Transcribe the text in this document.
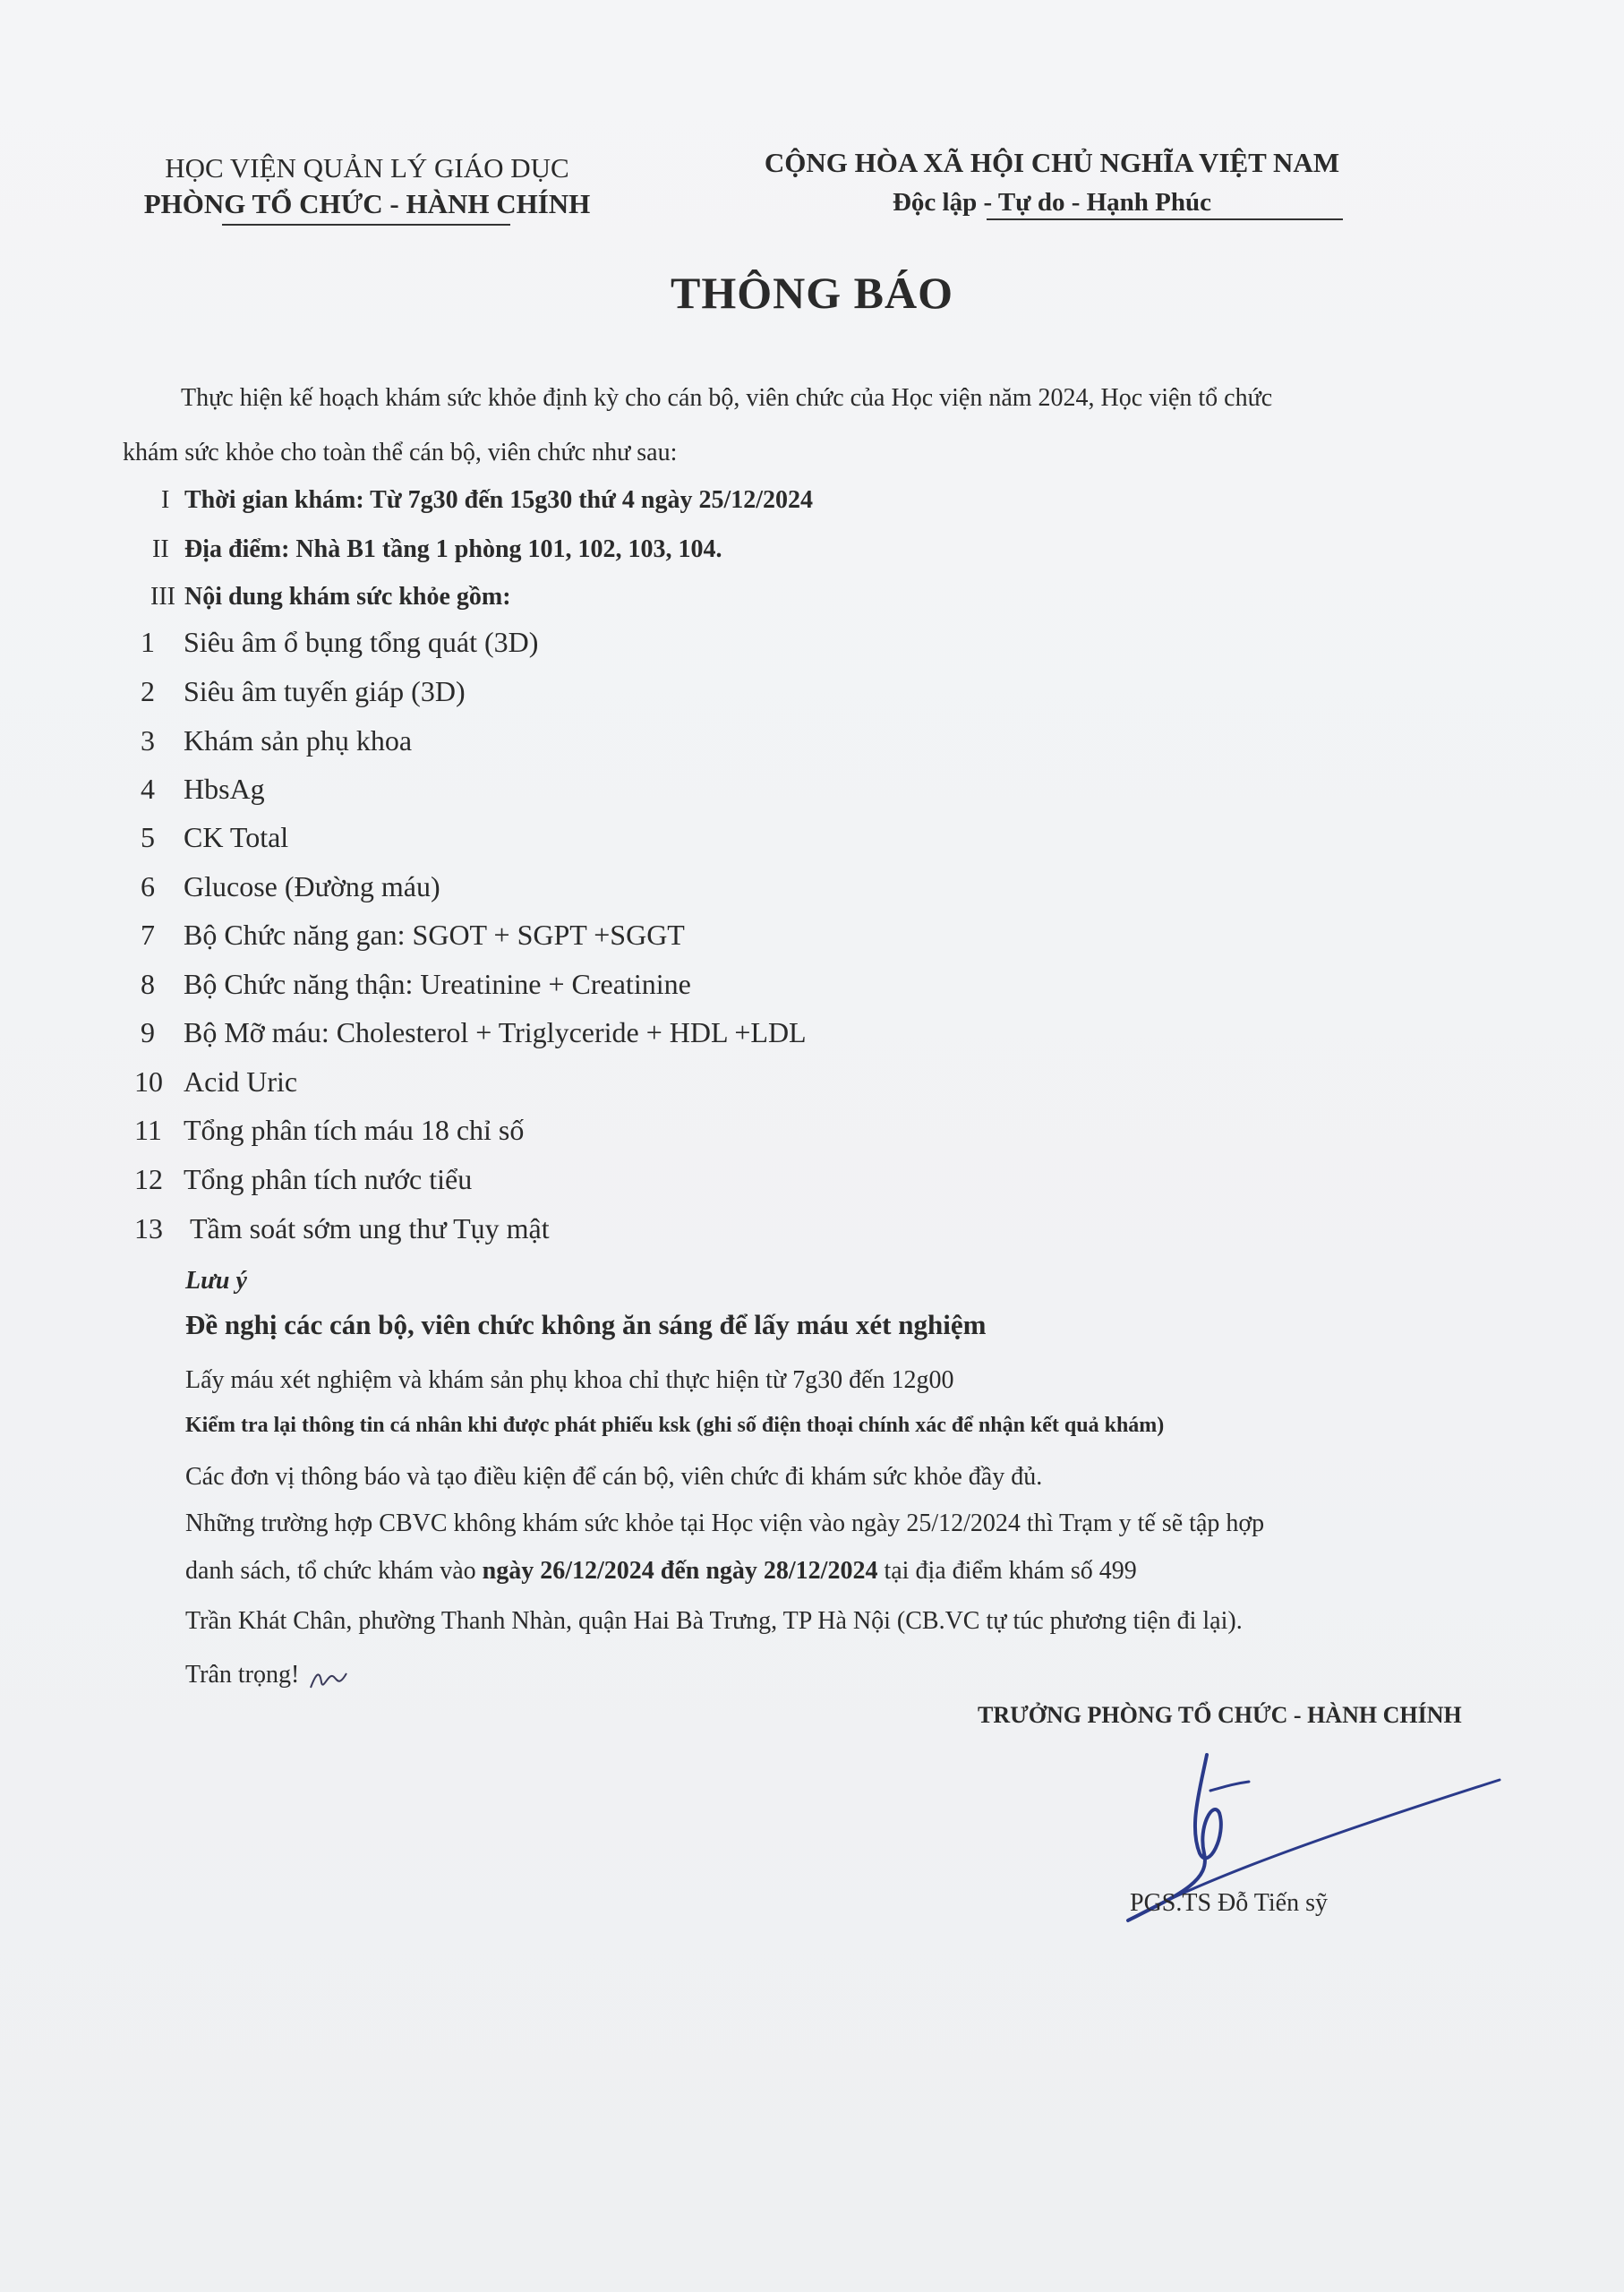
HỌC VIỆN QUẢN LÝ GIÁO DỤC
PHÒNG TỔ CHỨC - HÀNH CHÍNH
CỘNG HÒA XÃ HỘI CHỦ NGHĨA VIỆT NAM
Độc lập - Tự do - Hạnh Phúc
THÔNG BÁO
Thực hiện kế hoạch khám sức khỏe định kỳ cho cán bộ, viên chức của Học viện năm 2024, Học viện tổ chức
khám sức khỏe cho toàn thể cán bộ, viên chức như sau:
I Thời gian khám: Từ 7g30 đến 15g30 thứ 4 ngày 25/12/2024
II Địa điểm: Nhà B1 tầng 1 phòng 101, 102, 103, 104.
III Nội dung khám sức khỏe gồm:
1 Siêu âm ổ bụng tổng quát (3D)
2 Siêu âm tuyến giáp (3D)
3 Khám sản phụ khoa
4 HbsAg
5 CK Total
6 Glucose (Đường máu)
7 Bộ Chức năng gan: SGOT + SGPT +SGGT
8 Bộ Chức năng thận: Ureatinine + Creatinine
9 Bộ Mỡ máu: Cholesterol + Triglyceride + HDL +LDL
10 Acid Uric
11 Tổng phân tích máu 18 chỉ số
12 Tổng phân tích nước tiểu
13 Tầm soát sớm ung thư Tụy mật
Lưu ý
Đề nghị các cán bộ, viên chức không ăn sáng để lấy máu xét nghiệm
Lấy máu xét nghiệm và khám sản phụ khoa chỉ thực hiện từ 7g30 đến 12g00
Kiểm tra lại thông tin cá nhân khi được phát phiếu ksk (ghi số điện thoại chính xác để nhận kết quả khám)
Các đơn vị thông báo và tạo điều kiện để cán bộ, viên chức đi khám sức khỏe đầy đủ.
Những trường hợp CBVC không khám sức khỏe tại Học viện vào ngày 25/12/2024 thì Trạm y tế sẽ tập hợp
danh sách, tổ chức khám vào ngày 26/12/2024 đến ngày 28/12/2024 tại địa điểm khám số 499
Trần Khát Chân, phường Thanh Nhàn, quận Hai Bà Trưng, TP Hà Nội (CB.VC tự túc phương tiện đi lại).
Trân trọng!
TRƯỞNG PHÒNG TỔ CHỨC - HÀNH CHÍNH
PGS.TS Đỗ Tiến sỹ
